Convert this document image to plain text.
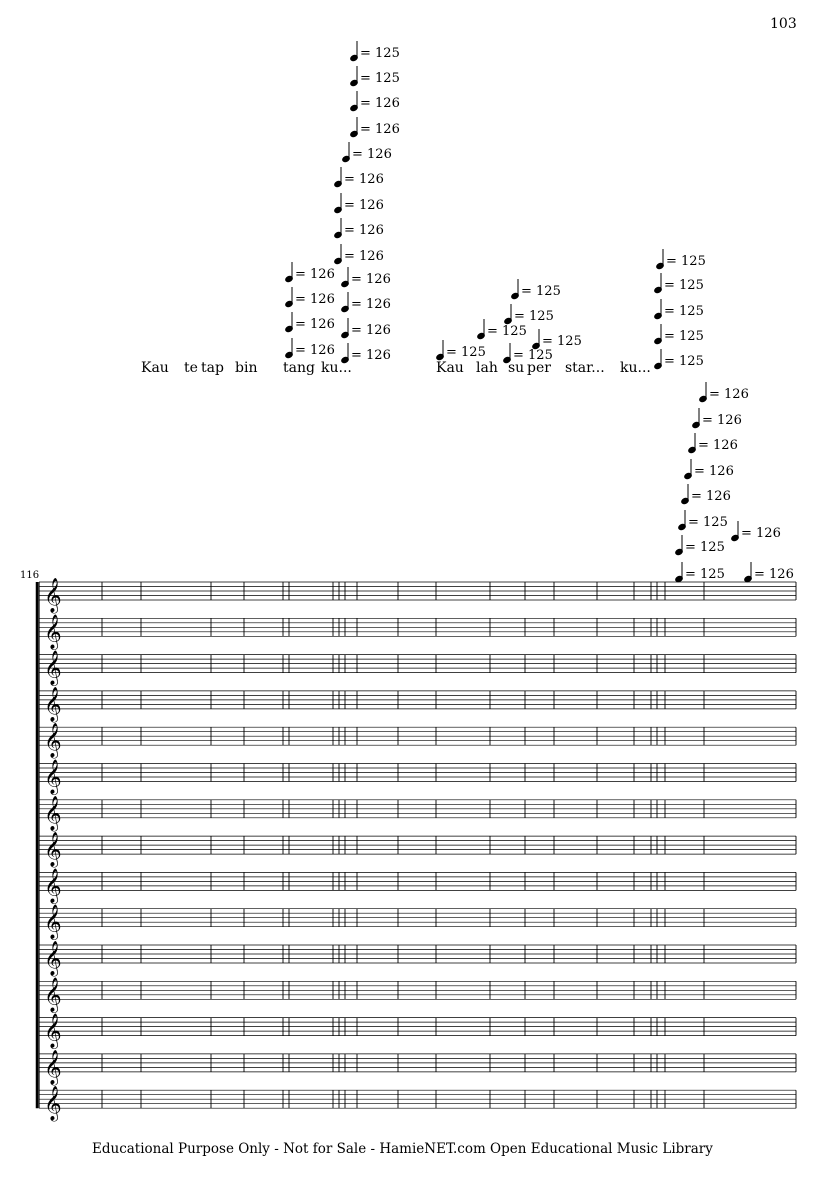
103
116
= 125
= 125
= 126
= 126
= 126
= 126
= 126
= 126
= 126
= 126
= 126
= 126
= 126
= 126
= 126
= 126
= 126
= 125
= 125
= 125
= 125
= 125 = 125
= 125
= 125
= 125
= 125
= 125
= 126
= 126
= 126
= 126
= 126
= 125
= 125
= 125
= 126
= 126
Kau te tap bin tang ku...	Kau lah su per star... ku...
𝄞
𝄞
𝄞
𝄞
𝄞
𝄞
𝄞
𝄞
𝄞
𝄞
𝄞
𝄞
𝄞
𝄞
𝄞
Educational Purpose Only - Not for Sale - HamieNET.com Open Educational Music Library
